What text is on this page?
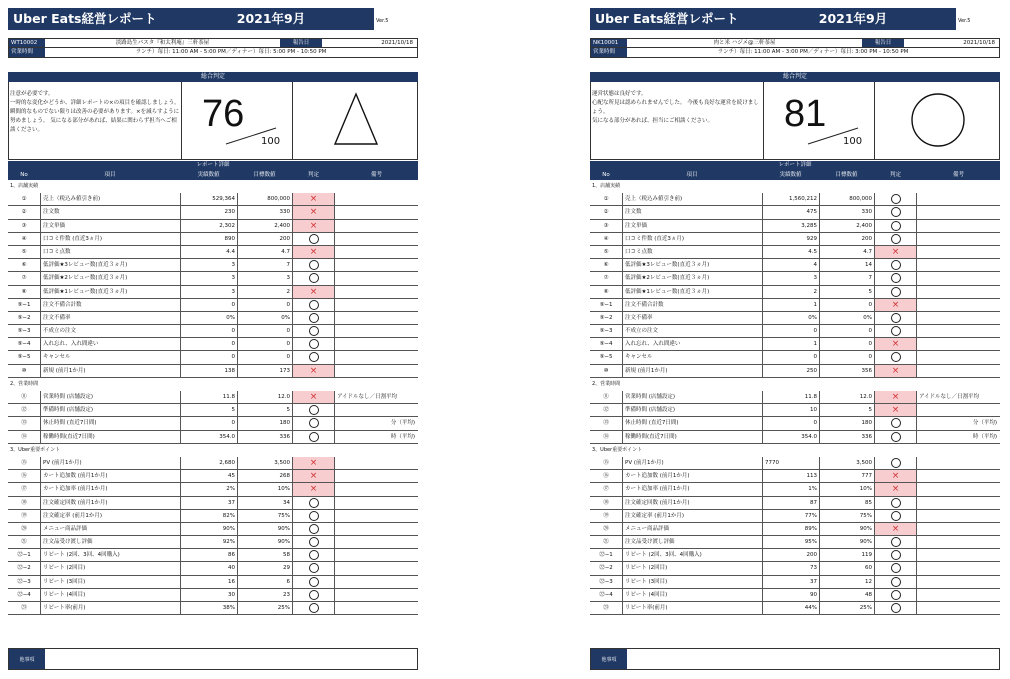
Uber Eats経営レポート	2021年9月	Ver.5
WT10002	淡路島生パスタ『和太利庵』三軒茶屋	報告日	2021/10/18
営業時間	ランチ）毎日: 11:00 AM - 5:00 PM／ディナー）毎日: 5:00 PM - 10:50 PM
総合判定
注意が必要です。
一時的な変化かどうか、詳細レポートの×の項目を確認しましょう。瞬間的なものでない限りは改善の必要があります。×を減らすように努めましょう。 気になる部分があれば、結果に関わらず担当へご相談ください。	76
100
レポート詳細
No	項目	実績数値	目標数値	判定	備考
1、店舗実績
①	売上（税込み値引き前)	529,364	800,000	×
②	注文数	230	330	×
③	注文単価	2,302	2,400	×
④	口コミ件数 (直近3ヵ月)	890	200
⑤	口コミ点数	4.4	4.7	×
⑥	低評価★3レビュー数(直近３ヵ月)	3	7
⑦	低評価★2レビュー数(直近３ヵ月)	3	3
⑧	低評価★1レビュー数(直近３ヵ月)	3	2	×
⑨−1	注文不備合計数	0	0
⑨−2	注文不備率	0%	0%
⑨−3	不成立の注文	0	0
⑨−4	入れ忘れ、入れ間違い	0	0
⑨−5	キャンセル	0	0
⑩	新規 (前月1か月)	138	173	×
2、営業時間
⑪	営業時間 (店舗設定)	11.8	12.0	×	アイドルなし／日割平均
⑫	準備時間 (店舗設定)	5	5
⑬	休止時間 (直近7日間)	0	180	分（平均)
⑭	稼働時間(直近7日間)	354.0	336	時（平均)
3、Uber重要ポイント
⑮	PV (前月1か月)	2,680	3,500	×
⑯	カート追加数 (前月1か月)	45	268	×
⑰	カート追加率 (前月1か月)	2%	10%	×
⑱	注文確定回数 (前月1か月)	37	34
⑲	注文確定率 (前月1か月)	82%	75%
⑳	メニュー商品評価	90%	90%
㉑	注文品受け渡し評価	92%	90%
㉒−1	リピート (2回、3回、4回購入)	86	58
㉒−2	リピート (2回目)	40	29
㉒−3	リピート (3回目)	16	6
㉒−4	リピート (4回目)	30	23
㉓	リピート率(前月)	38%	25%
他事項
Uber Eats経営レポート	2021年9月	Ver.5
NK10001	肉と米 ハジメ@三軒茶屋	報告日	2021/10/18
営業時間	ランチ）毎日: 11:00 AM - 3:00 PM／ディナー）毎日: 3:00 PM - 10:50 PM
総合判定
運営状態は良好です。
心配な所見は認められませんでした。 今後も良好な運営を続けましょう。
気になる部分があれば、担当にご相談ください。	81
100
レポート詳細
No	項目	実績数値	目標数値	判定	備考
1、店舗実績
①	売上（税込み値引き前)	1,560,212	800,000
②	注文数	475	330
③	注文単価	3,285	2,400
④	口コミ件数 (直近3ヵ月)	929	200
⑤	口コミ点数	4.5	4.7	×
⑥	低評価★3レビュー数(直近３ヵ月)	4	14
⑦	低評価★2レビュー数(直近３ヵ月)	3	7
⑧	低評価★1レビュー数(直近３ヵ月)	2	5
⑨−1	注文不備合計数	1	0	×
⑨−2	注文不備率	0%	0%
⑨−3	不成立の注文	0	0
⑨−4	入れ忘れ、入れ間違い	1	0	×
⑨−5	キャンセル	0	0
⑩	新規 (前月1か月)	250	356	×
2、営業時間
⑪	営業時間 (店舗設定)	11.8	12.0	×	アイドルなし／日割平均
⑫	準備時間 (店舗設定)	10	5	×
⑬	休止時間 (直近7日間)	0	180	分（平均)
⑭	稼働時間(直近7日間)	354.0	336	時（平均)
3、Uber重要ポイント
⑮	PV (前月1か月)	7770	3,500
⑯	カート追加数 (前月1か月)	113	777	×
⑰	カート追加率 (前月1か月)	1%	10%	×
⑱	注文確定回数 (前月1か月)	87	85
⑲	注文確定率 (前月1か月)	77%	75%
⑳	メニュー商品評価	89%	90%	×
㉑	注文品受け渡し評価	95%	90%
㉒−1	リピート (2回、3回、4回購入)	200	119
㉒−2	リピート (2回目)	73	60
㉒−3	リピート (3回目)	37	12
㉒−4	リピート (4回目)	90	48
㉓	リピート率(前月)	44%	25%
他事項
